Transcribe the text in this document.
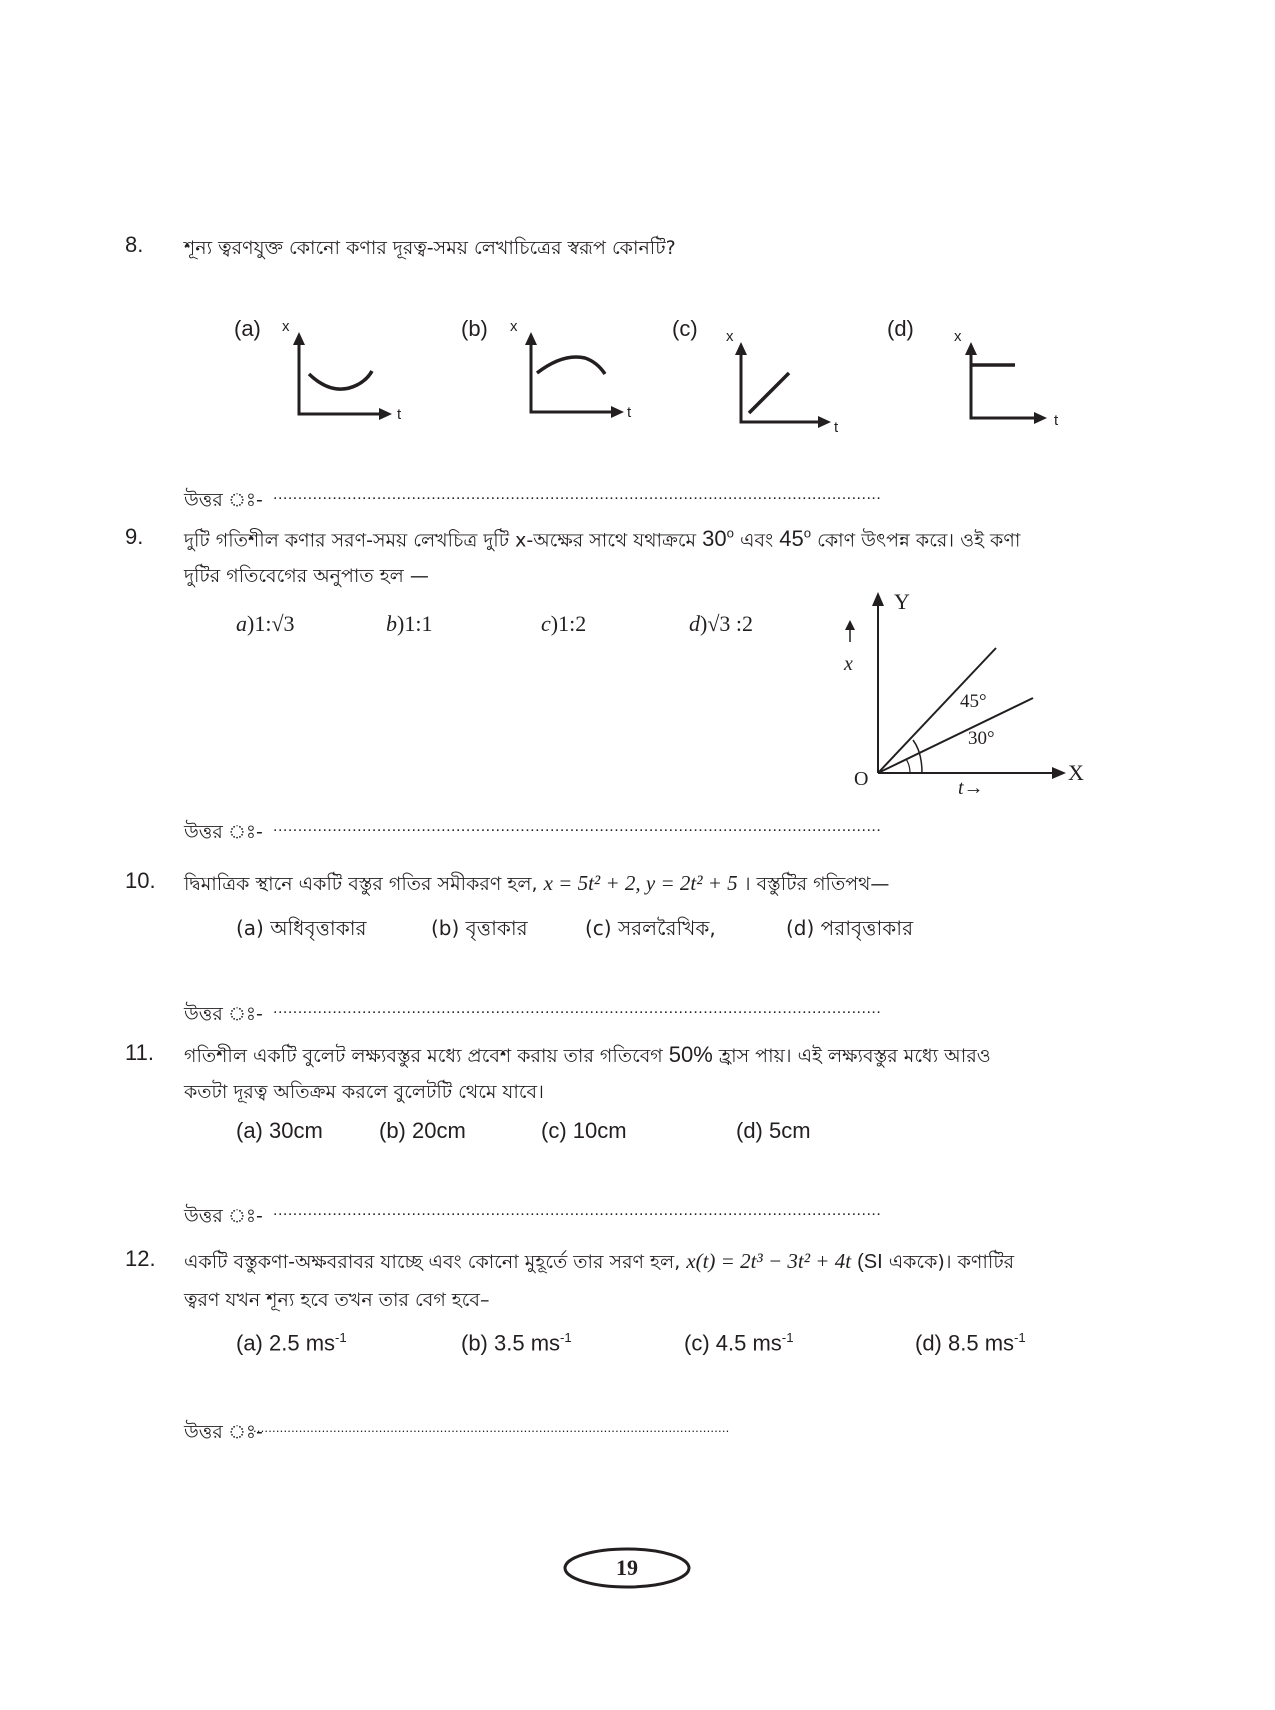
8. শূন্য ত্বরণযুক্ত কোনো কণার দূরত্ব-সময় লেখাচিত্রের স্বরূপ কোনটি?
(a)	(b)	(c)	(d)
x
t
x
t
x
t
x
t
উত্তর ঃ- ...........................................................................................................................
9. দুটি গতিশীল কণার সরণ-সময় লেখচিত্র দুটি x-অক্ষের সাথে যথাক্রমে 30$^o$ এবং 45$^o$ কোণ উৎপন্ন করে। ওই কণা
দুটির গতিবেগের অনুপাত হল —
a)1:√3	b)1:1	c)1:2	d)√3 :2
Y
X
O
x
45°
30°
t→
উত্তর ঃ- ...........................................................................................................................
10. দ্বিমাত্রিক স্থানে একটি বস্তুর গতির সমীকরণ হল, x = 5t² + 2, y = 2t² + 5 । বস্তুটির গতিপথ—
(a) অধিবৃত্তাকার	(b) বৃত্তাকার	(c) সরলরৈখিক,	(d) পরাবৃত্তাকার
উত্তর ঃ- ...........................................................................................................................
11. গতিশীল একটি বুলেট লক্ষ্যবস্তুর মধ্যে প্রবেশ করায় তার গতিবেগ 50% হ্রাস পায়। এই লক্ষ্যবস্তুর মধ্যে আরও
কতটা দূরত্ব অতিক্রম করলে বুলেটটি থেমে যাবে।
(a) 30cm	(b) 20cm	(c) 10cm	(d) 5cm
উত্তর ঃ- ...........................................................................................................................
12. একটি বস্তুকণা-অক্ষবরাবর যাচ্ছে এবং কোনো মুহূর্তে তার সরণ হল, x(t) = 2t³ − 3t² + 4t (SI এককে)। কণাটির
ত্বরণ যখন শূন্য হবে তখন তার বেগ হবে–
(a) 2.5 $ms^{-1}$	(b) 3.5 $ms^{-1}$	(c) 4.5 $ms^{-1}$	(d) 8.5 $ms^{-1}$
উত্তর ঃ-
.............................................................................................................................
19
